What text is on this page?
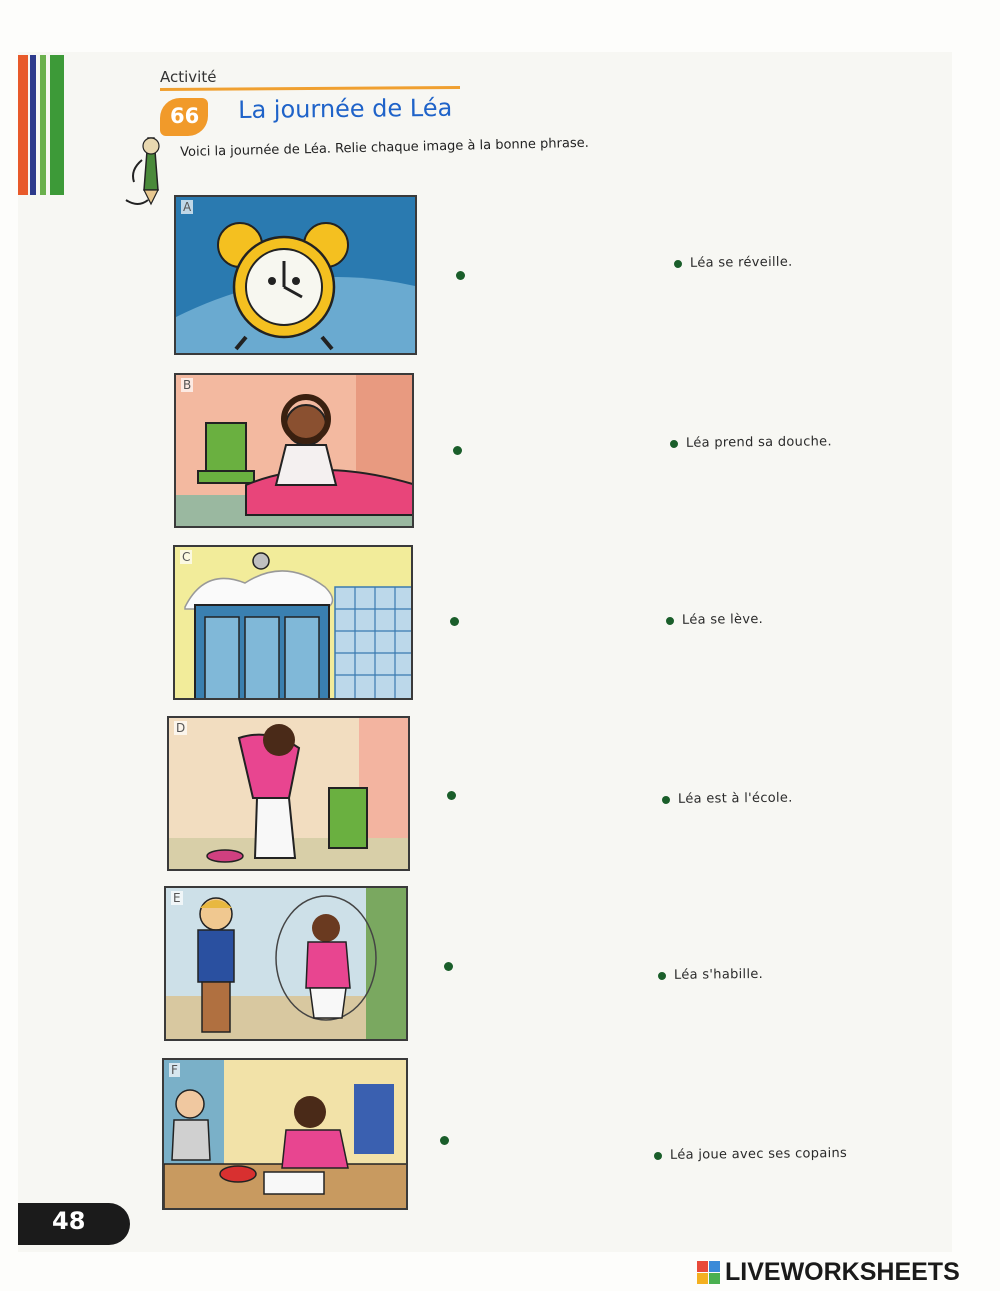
Activité
66 La journée de Léa
Voici la journée de Léa. Relie chaque image à la bonne phrase.
A
B
C
D
E
F
Léa se réveille.
Léa prend sa douche.
Léa se lève.
Léa est à l'école.
Léa s'habille.
Léa joue avec ses copains
48
LIVEWORKSHEETS
